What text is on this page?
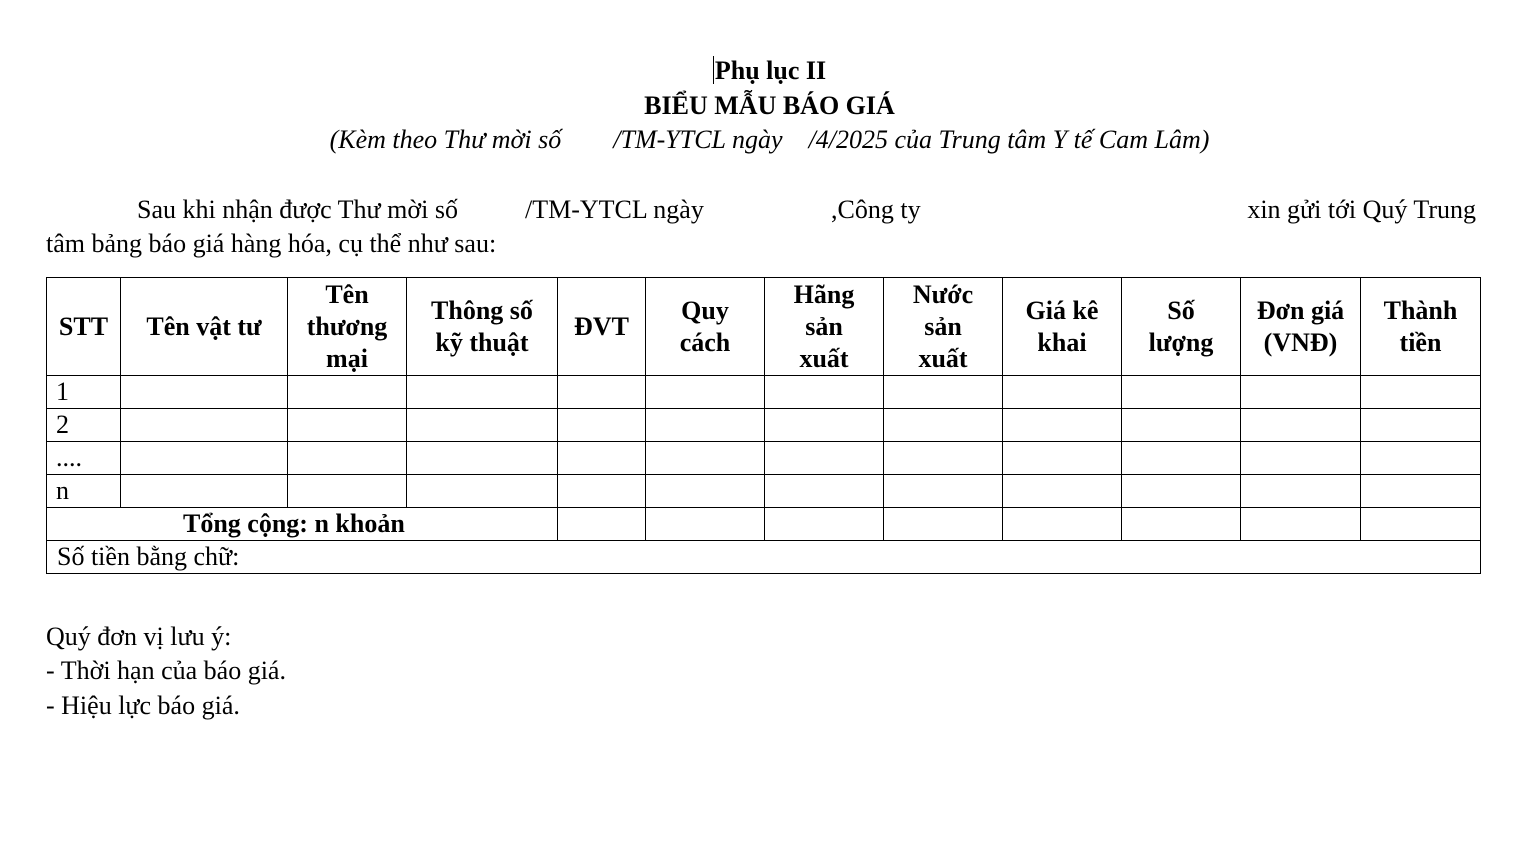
Phụ lục II
BIỂU MẪU BÁO GIÁ
(Kèm theo Thư mời số        /TM-YTCL ngày    /4/2025 của Trung tâm Y tế Cam Lâm)
Sau khi nhận được Thư mời số	/TM-YTCL ngày	,Công ty	xin gửi tới Quý Trung
tâm bảng báo giá hàng hóa, cụ thể như sau:
STT	Tên vật tư	Tên
thương
mại	Thông số
kỹ thuật	ĐVT	Quy
cách	Hãng
sản
xuất	Nước
sản
xuất	Giá kê
khai	Số
lượng	Đơn giá
(VNĐ)	Thành
tiền
1											
2											
....											
n											
Tổng cộng: n khoản											
Số tiền bằng chữ:											
Quý đơn vị lưu ý:
- Thời hạn của báo giá.
- Hiệu lực báo giá.
